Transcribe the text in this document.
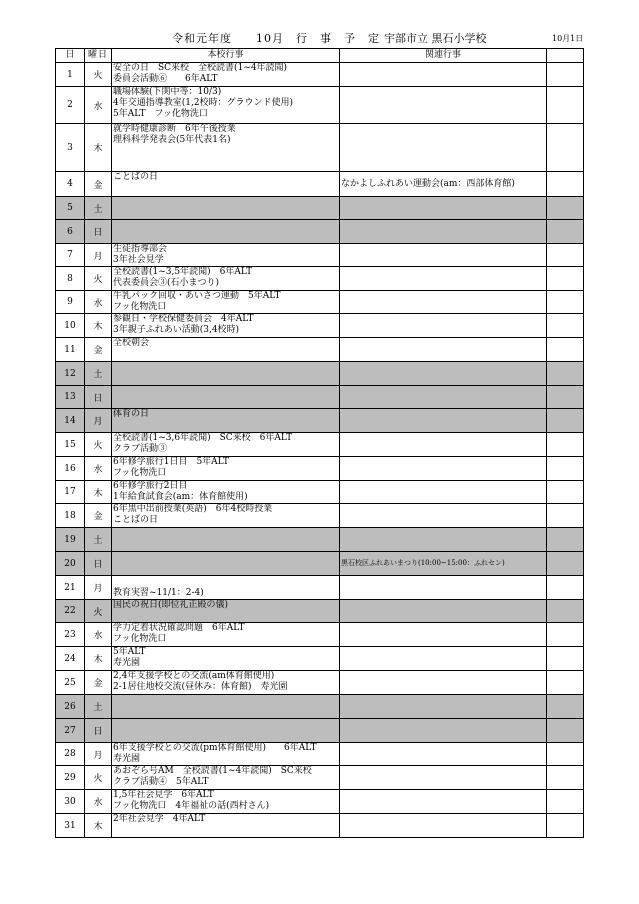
令和元年度　　10月　行　事　予　定 宇部市立 黒石小学校	10月1日
日	曜日	本校行事	関連行事	
1	火	安全の日　SC来校　全校読書(1~4年読聞)
委員会活動⑥　　6年ALT		

2	水	職場体験(下関中等：10/3)
4年交通指導教室(1,2校時：グラウンド使用)
5年ALT　フッ化物洗口		

3	木	就学時健康診断　6年午後授業
理科科学発表会(5年代表1名)		

4	金	ことばの日	なかよしふれあい運動会(am：西部体育館)	
5	土			
6	日			
7	月	生徒指導部会
3年社会見学		

8	火	全校読書(1~3,5年読聞)　6年ALT
代表委員会③(石小まつり)		

9	水	牛乳パック回収・あいさつ運動　5年ALT
フッ化物洗口		

10	木	参観日・学校保健委員会　4年ALT
3年親子ふれあい活動(3,4校時)		

11	金	全校朝会		

12	土			
13	日			
14	月	体育の日		

15	火	全校読書(1~3,6年読聞)　SC来校　6年ALT
クラブ活動③		

16	水	6年修学旅行1日目　5年ALT
フッ化物洗口		

17	木	6年修学旅行2日目
1年給食試食会(am：体育館使用)		

18	金	6年黒中出前授業(英語)　6年4校時授業
ことばの日		

19	土			
20	日		黒石校区ふれあいまつり(10:00~15:00：ふれセン)	
21	月	教育実習~11/1：2-4)		

22	火	国民の祝日(即位礼正殿の儀)		

23	水	学力定着状況確認問題　6年ALT
フッ化物洗口		

24	木	5年ALT
寿光園		

25	金	2,4年支援学校との交流(am体育館使用)
2-1居住地校交流(昼休み：体育館)　寿光園		

26	土			
27	日			
28	月	6年支援学校との交流(pm体育館使用)　　6年ALT
寿光園		

29	火	あおぞら号AM　全校読書(1~4年読聞)　SC来校
クラブ活動④　5年ALT		

30	水	1,5年社会見学　6年ALT
フッ化物洗口　4年福祉の話(西村さん)		

31	木	2年社会見学　4年ALT		
